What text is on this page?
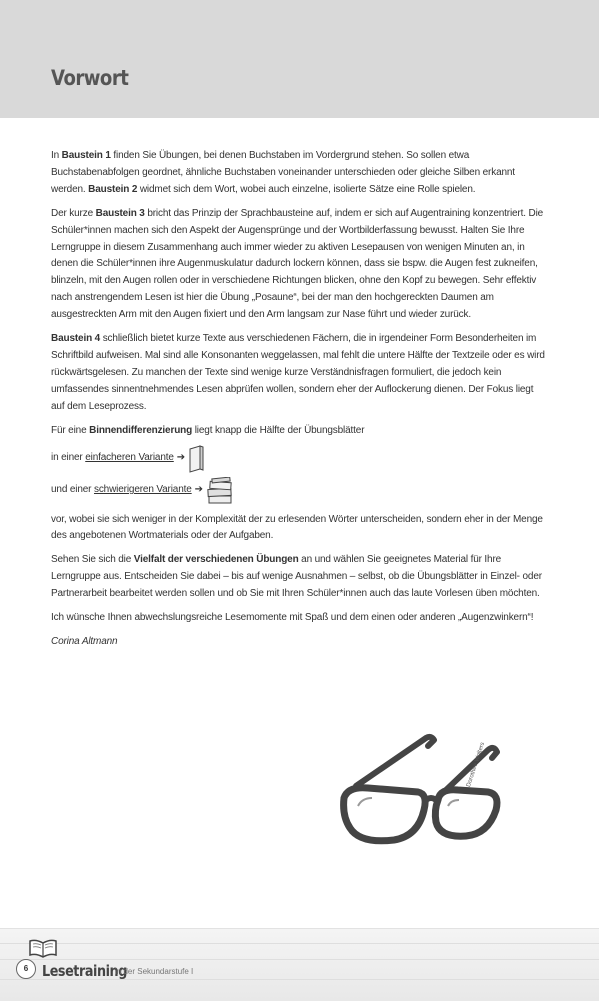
Vorwort

In Baustein 1 finden Sie Übungen, bei denen Buchstaben im Vordergrund stehen. So sollen etwa Buchstabenabfolgen geordnet, ähnliche Buchstaben voneinander unterschieden oder gleiche Silben erkannt werden. Baustein 2 widmet sich dem Wort, wobei auch einzelne, isolierte Sätze eine Rolle spielen.

Der kurze Baustein 3 bricht das Prinzip der Sprachbausteine auf, indem er sich auf Augentraining konzentriert. Die Schüler*innen machen sich den Aspekt der Augensprünge und der Wortbilderfassung bewusst. Halten Sie Ihre Lerngruppe in diesem Zusammenhang auch immer wieder zu aktiven Lesepausen von wenigen Minuten an, in denen die Schüler*innen ihre Augenmuskulatur dadurch lockern können, dass sie bspw. die Augen fest zukneifen, blinzeln, mit den Augen rollen oder in verschiedene Richtungen blicken, ohne den Kopf zu bewegen. Sehr effektiv nach anstrengendem Lesen ist hier die Übung „Posaune“, bei der man den hochgereckten Daumen am ausgestreckten Arm mit den Augen fixiert und den Arm langsam zur Nase führt und wieder zurück.

Baustein 4 schließlich bietet kurze Texte aus verschiedenen Fächern, die in irgendeiner Form Besonderheiten im Schriftbild aufweisen. Mal sind alle Konsonanten weggelassen, mal fehlt die untere Hälfte der Textzeile oder es wird rückwärtsgelesen. Zu manchen der Texte sind wenige kurze Verständnisfragen formuliert, die jedoch kein umfassendes sinnentnehmendes Lesen abprüfen wollen, sondern eher der Auflockerung dienen. Der Fokus liegt auf dem Leseprozess.

Für eine Binnendifferenzierung liegt knapp die Hälfte der Übungsblätter

in einer einfacheren Variante ➔
und einer schwierigeren Variante ➔

vor, wobei sie sich weniger in der Komplexität der zu erlesenden Wörter unterscheiden, sondern eher in der Menge des angebotenen Wortmaterials oder der Aufgaben.

Sehen Sie sich die Vielfalt der verschiedenen Übungen an und wählen Sie geeignetes Material für Ihre Lerngruppe aus. Entscheiden Sie dabei – bis auf wenige Ausnahmen – selbst, ob die Übungsblätter in Einzel- oder Partnerarbeit bearbeitet werden sollen und ob Sie mit Ihren Schüler*innen auch das laute Vorlesen üben möchten.

Ich wünsche Ihnen abwechslungsreiche Lesemomente mit Spaß und dem einen oder anderen „Augenzwinkern“!

Corina Altmann

Dorothee Wolters
6 Lesetraining
in der Sekundarstufe I
